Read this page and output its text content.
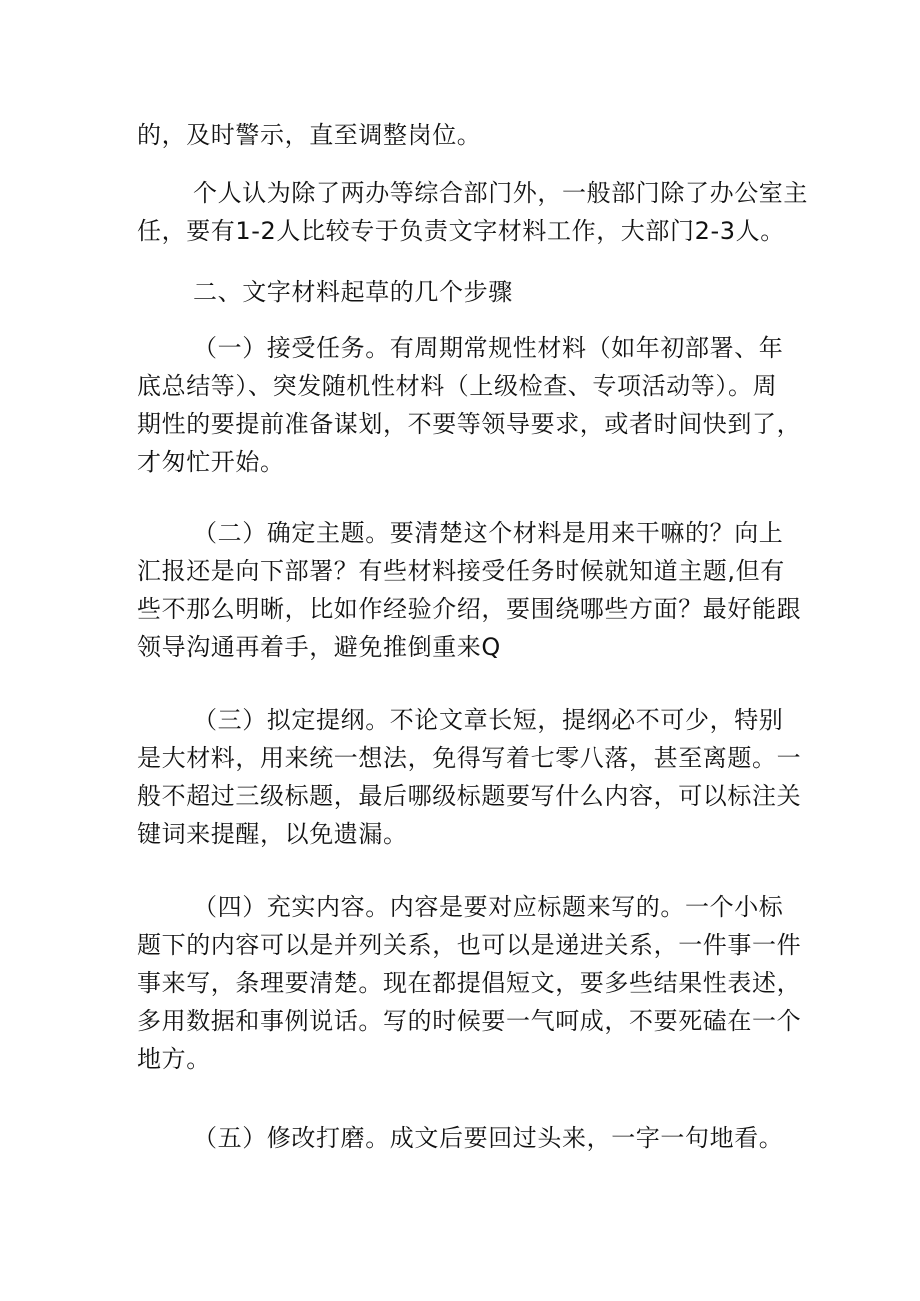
的，及时警示，直至调整岗位。
个人认为除了两办等综合部门外，一般部门除了办公室主
任，要有1-2人比较专于负责文字材料工作，大部门2-3人。
二、文字材料起草的几个步骤
（一）接受任务。有周期常规性材料（如年初部署、年
底总结等）、突发随机性材料（上级检查、专项活动等）。周
期性的要提前准备谋划，不要等领导要求，或者时间快到了，
才匆忙开始。
（二）确定主题。要清楚这个材料是用来干嘛的？向上
汇报还是向下部署？有些材料接受任务时候就知道主题,但有
些不那么明晰，比如作经验介绍，要围绕哪些方面？最好能跟
领导沟通再着手，避免推倒重来Q
（三）拟定提纲。不论文章长短，提纲必不可少，特别
是大材料，用来统一想法，免得写着七零八落，甚至离题。一
般不超过三级标题，最后哪级标题要写什么内容，可以标注关
键词来提醒，以免遗漏。
（四）充实内容。内容是要对应标题来写的。一个小标
题下的内容可以是并列关系，也可以是递进关系，一件事一件
事来写，条理要清楚。现在都提倡短文，要多些结果性表述，
多用数据和事例说话。写的时候要一气呵成，不要死磕在一个
地方。
（五）修改打磨。成文后要回过头来，一字一句地看。
